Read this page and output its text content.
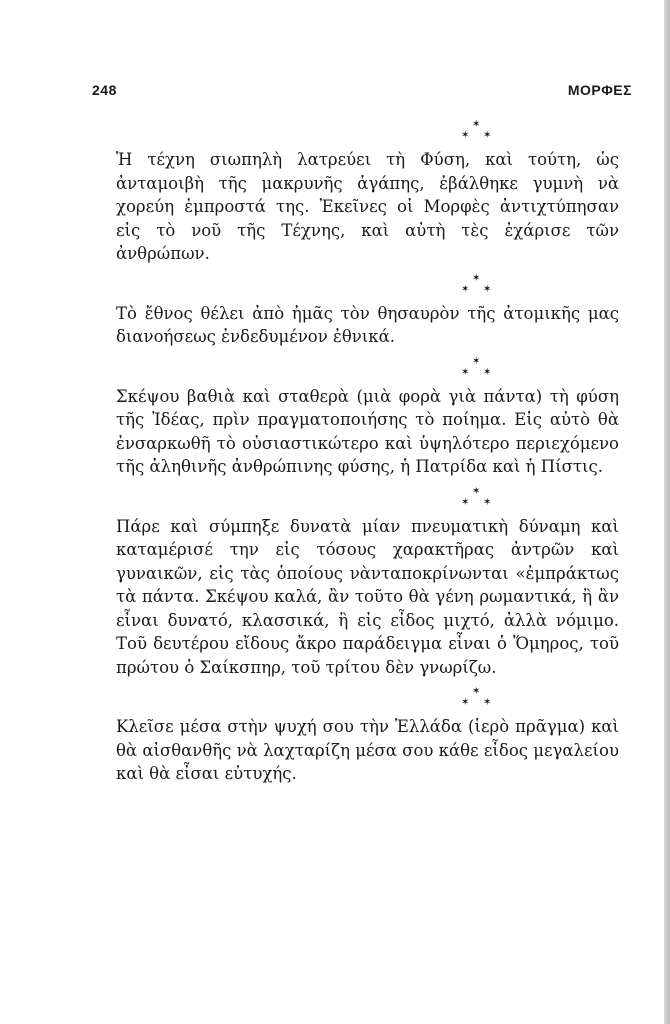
248	ΜΟΡΦΕΣ
✶
✶ ✶

Ἡ τέχνη σιωπηλὴ λατρεύει τὴ Φύση, καὶ τούτη, ὡς ἀνταμοιβὴ τῆς μακρυνῆς ἀγάπης, ἐβάλθηκε γυμνὴ νὰ χορεύη ἐμπροστά της. Ἐκεῖνες οἱ Μορφὲς ἀντιχτύπησαν εἰς τὸ νοῦ τῆς Τέχνης, καὶ αὐτὴ τὲς ἐχάρισε τῶν ἀνθρώπων.

✶
✶ ✶

Τὸ ἔθνος θέλει ἀπὸ ἡμᾶς τὸν θησαυρὸν τῆς ἀτομικῆς μας διανοήσεως ἐνδεδυμένον ἐθνικά.

✶
✶ ✶

Σκέψου βαθιὰ καὶ σταθερὰ (μιὰ φορὰ γιὰ πάντα) τὴ φύση τῆς Ἰδέας, πρὶν πραγματοποιήσης τὸ ποίημα. Εἰς αὐτὸ θὰ ἐνσαρκωθῆ τὸ οὐσιαστικώτερο καὶ ὑψηλότερο περιεχόμενο τῆς ἀληθινῆς ἀνθρώπινης φύσης, ἡ Πατρίδα καὶ ἡ Πίστις.

✶
✶ ✶

Πάρε καὶ σύμπηξε δυνατὰ μίαν πνευματικὴ δύναμη καὶ καταμέρισέ την εἰς τόσους χαρακτῆρας ἀντρῶν καὶ γυναικῶν, εἰς τὰς ὁποίους νὰνταποκρίνωνται «ἐμπράκτως τὰ πάντα. Σκέψου καλά, ἂν τοῦτο θὰ γένη ρωμαντικά, ἢ ἂν εἶναι δυνατό, κλασσικά, ἢ εἰς εἶδος μιχτό, ἀλλὰ νόμιμο. Τοῦ δευτέρου εἴδους ἄκρο παράδειγμα εἶναι ὁ Ὅμηρος, τοῦ πρώτου ὁ Σαίκσπηρ, τοῦ τρίτου δὲν γνωρίζω.

✶
✶ ✶

Κλεῖσε μέσα στὴν ψυχή σου τὴν Ἑλλάδα (ἱερὸ πρᾶγμα) καὶ θὰ αἰσθανθῆς νὰ λαχταρίζη μέσα σου κάθε εἶδος μεγαλείου καὶ θὰ εἶσαι εὐτυχής.
